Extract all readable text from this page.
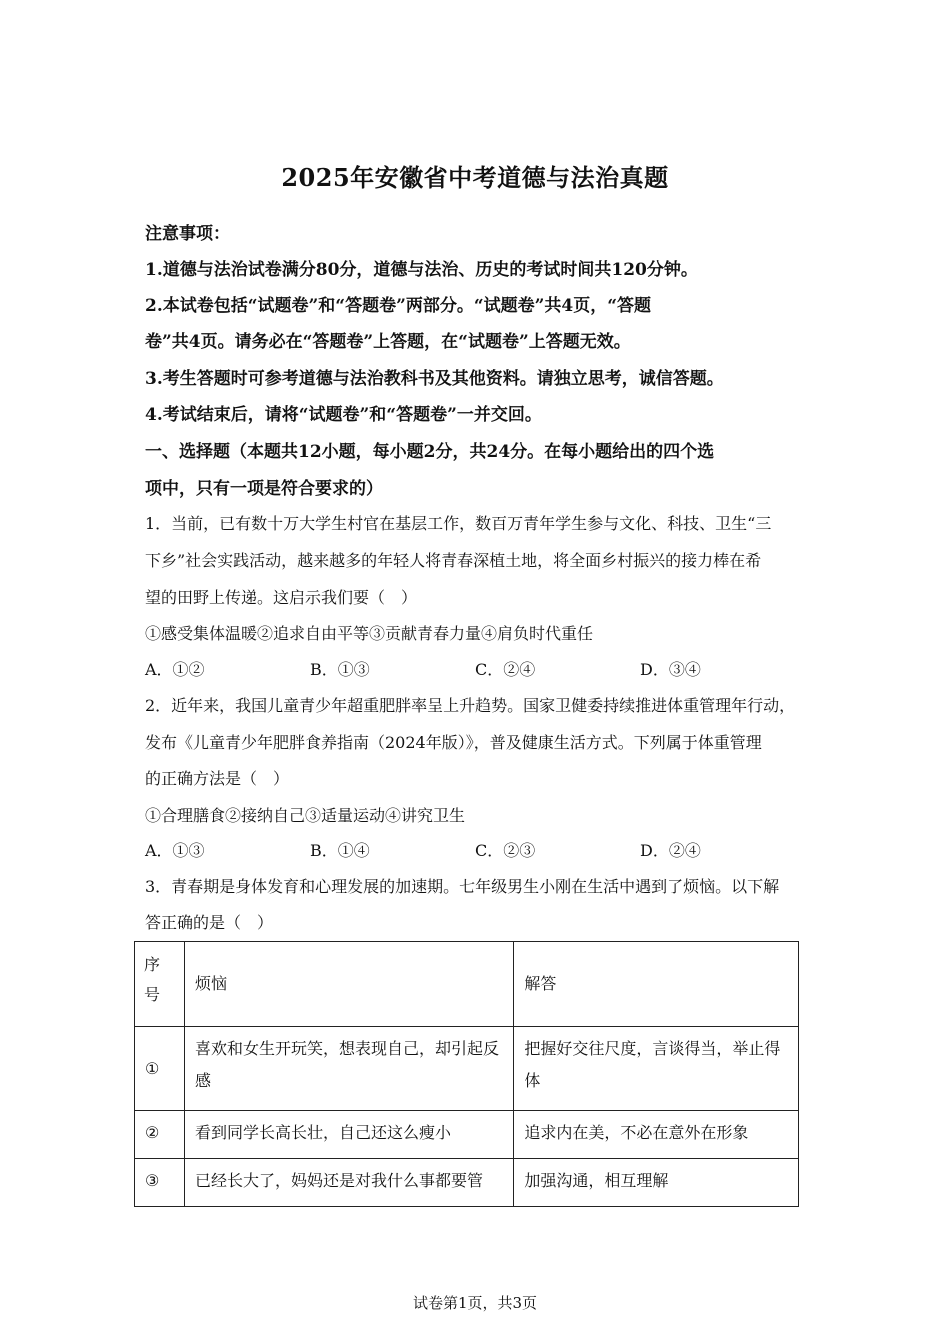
2025年安徽省中考道德与法治真题
注意事项：
1.道德与法治试卷满分80分，道德与法治、历史的考试时间共120分钟。
2.本试卷包括“试题卷”和“答题卷”两部分。“试题卷”共4页，“答题
卷”共4页。请务必在“答题卷”上答题，在“试题卷”上答题无效。
3.考生答题时可参考道德与法治教科书及其他资料。请独立思考，诚信答题。
4.考试结束后，请将“试题卷”和“答题卷”一并交回。
一、选择题（本题共12小题，每小题2分，共24分。在每小题给出的四个选
项中，只有一项是符合要求的）
1．当前，已有数十万大学生村官在基层工作，数百万青年学生参与文化、科技、卫生“三
下乡”社会实践活动，越来越多的年轻人将青春深植土地，将全面乡村振兴的接力棒在希
望的田野上传递。这启示我们要（　）
①感受集体温暖②追求自由平等③贡献青春力量④肩负时代重任
A．①②	B．①③	C．②④	D．③④
2．近年来，我国儿童青少年超重肥胖率呈上升趋势。国家卫健委持续推进体重管理年行动，
发布《儿童青少年肥胖食养指南（2024年版）》，普及健康生活方式。下列属于体重管理
的正确方法是（　）
①合理膳食②接纳自己③适量运动④讲究卫生
A．①③	B．①④	C．②③	D．②④
3．青春期是身体发育和心理发展的加速期。七年级男生小刚在生活中遇到了烦恼。以下解
答正确的是（　）
序号	烦恼	解答
①	喜欢和女生开玩笑，想表现自己，却引起反感	把握好交往尺度，言谈得当，举止得体
②	看到同学长高长壮，自己还这么瘦小	追求内在美，不必在意外在形象
③	已经长大了，妈妈还是对我什么事都要管	加强沟通，相互理解
试卷第1页，共3页
